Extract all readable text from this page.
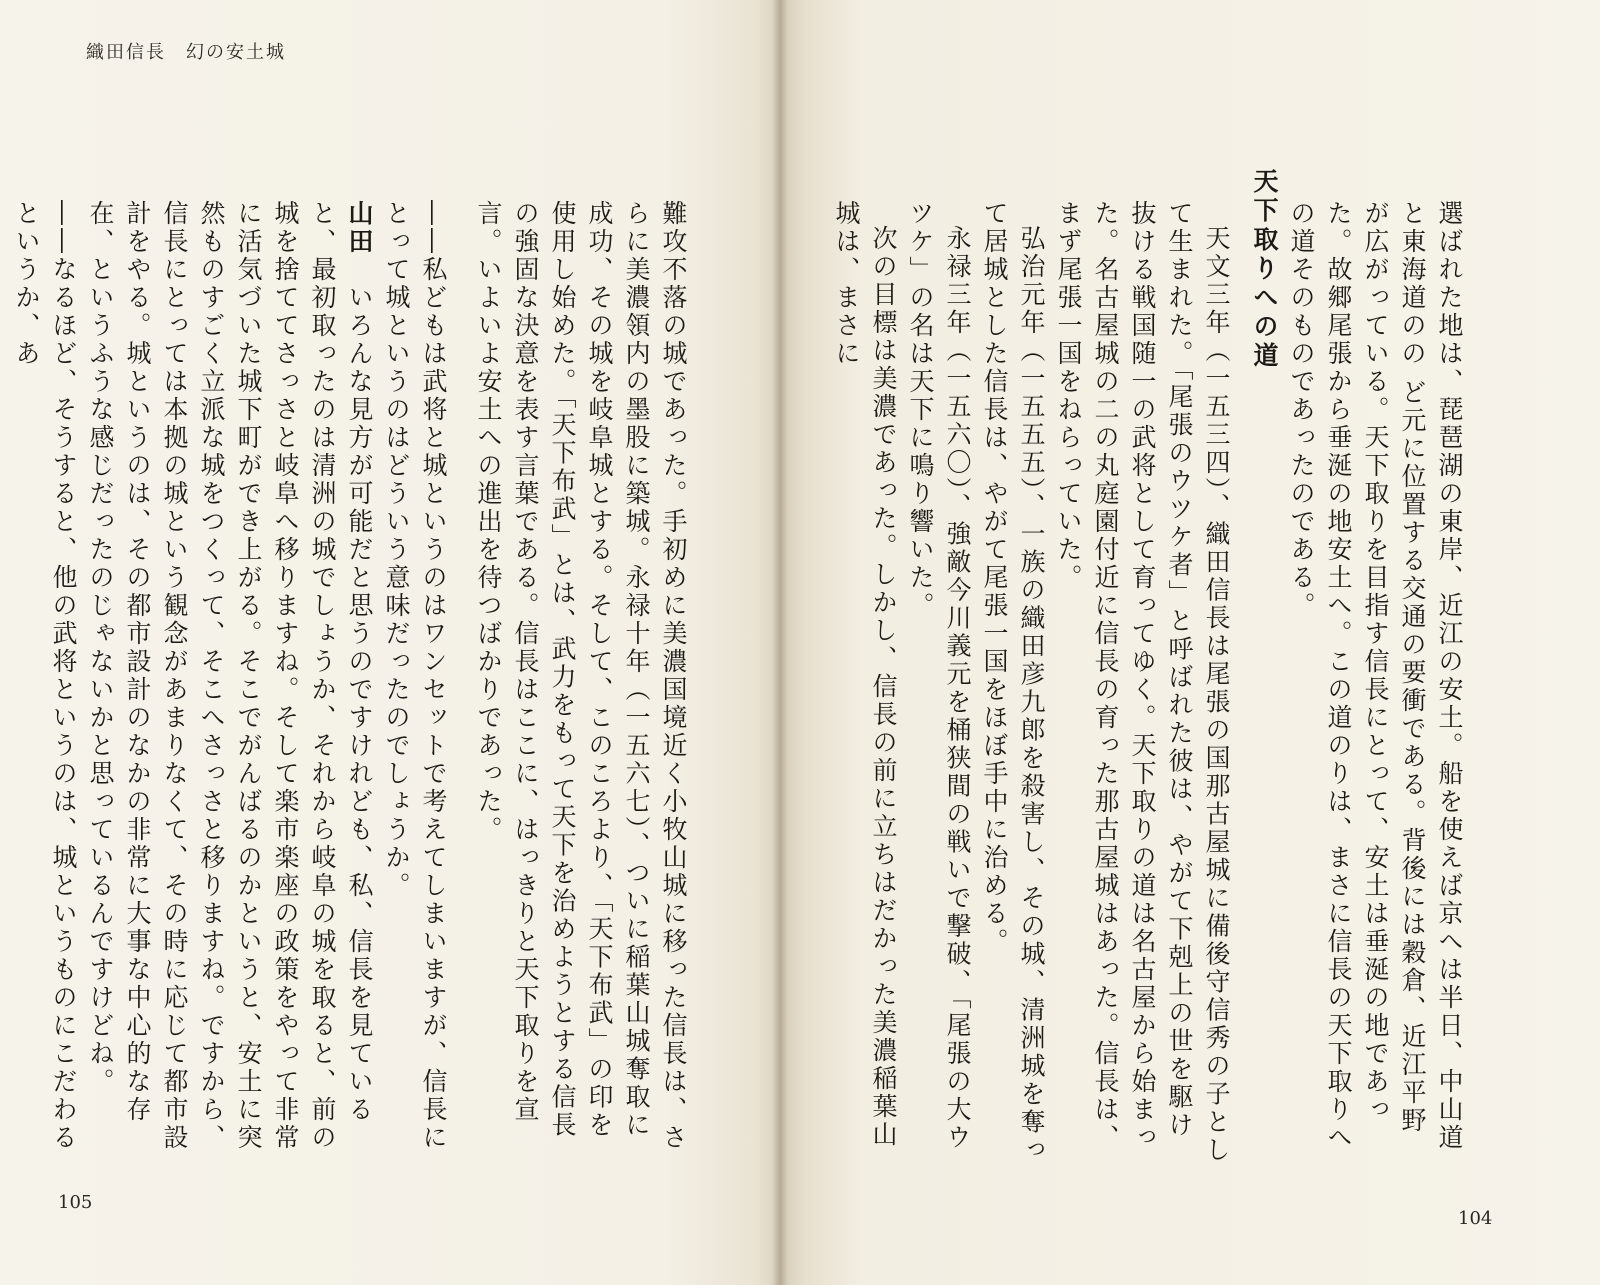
織田信長　幻の安土城

選ばれた地は、琵琶湖の東岸、近江の安土。船を使えば京へは半日、中山道と東海道のの ど元に位置する交通の要衝である。背後には穀倉、近江平野が広がっている。天下取りを目指す信長にとって、安土は垂涎の地であった。故郷尾張から垂涎の地安土へ。この道のりは、まさに信長の天下取りへの道そのものであったのである。

天下取りへの道

天文三年（一五三四）、織田信長は尾張の国那古屋城に備後守信秀の子として生まれた。「尾張のウツケ者」と呼ばれた彼は、やがて下剋上の世を駆け抜ける戦国随一の武将として育ってゆく。天下取りの道は名古屋から始まった。名古屋城の二の丸庭園付近に信長の育った那古屋城はあった。信長は、まず尾張一国をねらっていた。

弘治元年（一五五五）、一族の織田彦九郎を殺害し、その城、清洲城を奪って居城とした信長は、やがて尾張一国をほぼ手中に治める。

永禄三年（一五六〇）、強敵今川義元を桶狭間の戦いで撃破、「尾張の大ウツケ」の名は天下に鳴り響いた。

次の目標は美濃であった。しかし、信長の前に立ちはだかった美濃稲葉山城は、まさに

難攻不落の城であった。手初めに美濃国境近く小牧山城に移った信長は、さらに美濃領内の墨股に築城。永禄十年（一五六七）、ついに稲葉山城奪取に成功、その城を岐阜城とする。そして、このころより、「天下布武」の印を使用し始めた。「天下布武」とは、武力をもって天下を治めようとする信長の強固な決意を表す言葉である。信長はここに、はっきりと天下取りを宣言。いよいよ安土への進出を待つばかりであった。

――私どもは武将と城というのはワンセットで考えてしまいますが、信長にとって城というのはどういう意味だったのでしょうか。

山田　いろんな見方が可能だと思うのですけれども、私、信長を見ていると、最初取ったのは清洲の城でしょうか、それから岐阜の城を取ると、前の城を捨ててさっさと岐阜へ移りますね。そして楽市楽座の政策をやって非常に活気づいた城下町ができ上がる。そこでがんばるのかというと、安土に突然ものすごく立派な城をつくって、そこへさっさと移りますね。ですから、信長にとっては本拠の城という観念があまりなくて、その時に応じて都市設計をやる。城というのは、その都市設計のなかの非常に大事な中心的な存在、というふうな感じだったのじゃないかと思っているんですけどね。

――なるほど、そうすると、他の武将というのは、城というものにこだわるというか、あ

105
104
